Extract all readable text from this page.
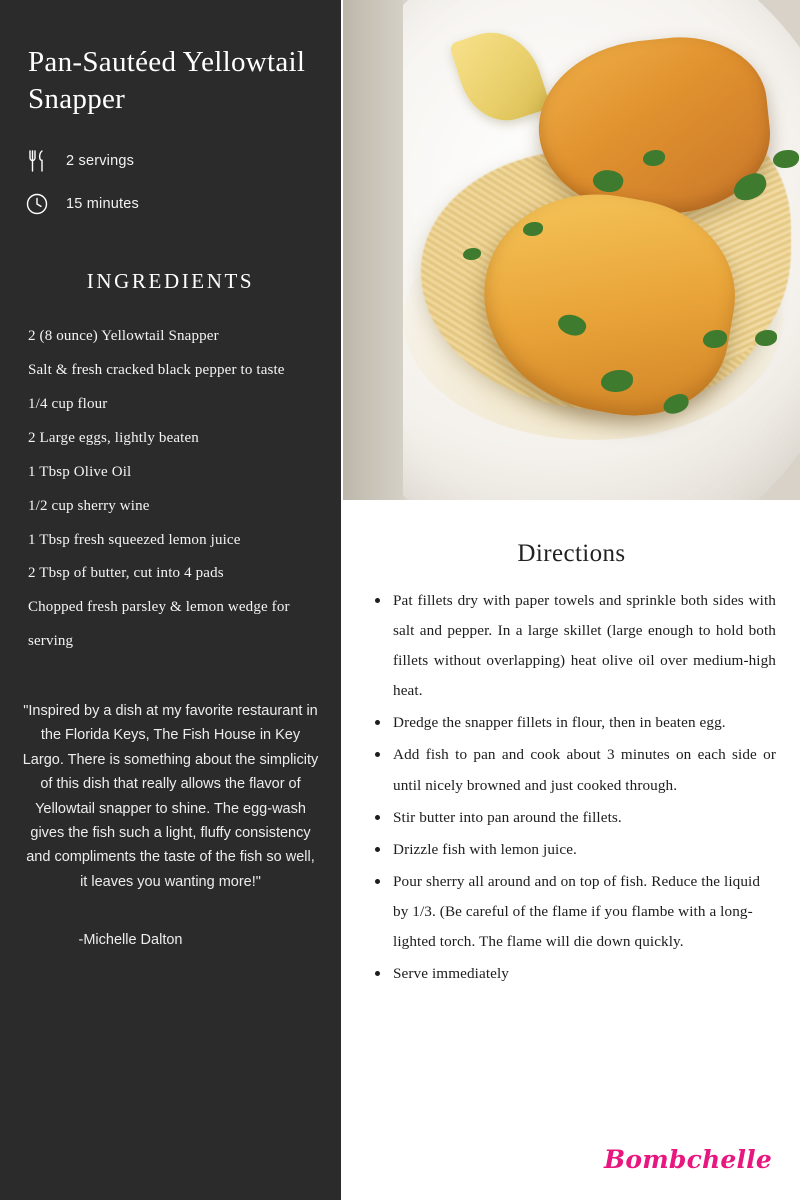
Pan-Sautéed Yellowtail Snapper
2 servings
15 minutes
INGREDIENTS
2 (8 ounce) Yellowtail Snapper
Salt & fresh cracked black pepper to taste
1/4 cup flour
2 Large eggs, lightly beaten
1 Tbsp Olive Oil
1/2 cup sherry wine
1 Tbsp fresh squeezed lemon juice
2 Tbsp of butter, cut into 4 pads
Chopped fresh parsley & lemon wedge for serving

"Inspired by a dish at my favorite restaurant in the Florida Keys, The Fish House in Key Largo. There is something about the simplicity of this dish that really allows the flavor of Yellowtail snapper to shine. The egg-wash gives the fish such a light, fluffy consistency and compliments the taste of the fish so well, it leaves you wanting more!"

-Michelle Dalton

Directions
Pat fillets dry with paper towels and sprinkle both sides with salt and pepper. In a large skillet (large enough to hold both fillets without overlapping) heat olive oil over medium-high heat.
Dredge the snapper fillets in flour, then in beaten egg.
Add fish to pan and cook about 3 minutes on each side or until nicely browned and just cooked through.
Stir butter into pan around the fillets.
Drizzle fish with lemon juice.
Pour sherry all around and on top of fish. Reduce the liquid by 1/3. (Be careful of the flame if you flambe with a long-lighted torch. The flame will die down quickly.
Serve immediately
Bombchelle
